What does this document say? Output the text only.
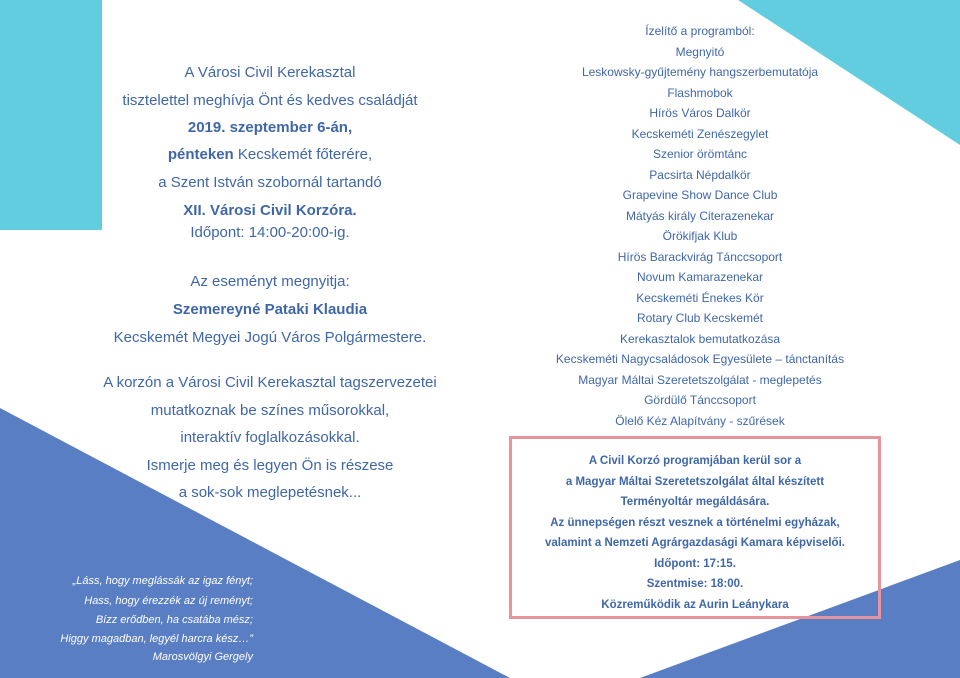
A Városi Civil Kerekasztal
tisztelettel meghívja Önt és kedves családját
2019. szeptember 6-án,
pénteken Kecskemét főterére,
a Szent István szobornál tartandó
XII. Városi Civil Korzóra.
Időpont: 14:00-20:00-ig.
Az eseményt megnyitja:
Szemereyné Pataki Klaudia
Kecskemét Megyei Jogú Város Polgármestere.
A korzón a Városi Civil Kerekasztal tagszervezetei
mutatkoznak be színes műsorokkal,
interaktív foglalkozásokkal.
Ismerje meg és legyen Ön is részese
a sok-sok meglepetésnek...
„Láss, hogy meglássák az igaz fényt;
Hass, hogy érezzék az új reményt;
Bízz erődben, ha csatába mész;
Higgy magadban, legyél harcra kész…”
Marosvölgyi Gergely
Ízelítő a programból:
Megnyitó
Leskowsky-gyűjtemény hangszerbemutatója
Flashmobok
Hírös Város Dalkör
Kecskeméti Zenészegylet
Szenior örömtánc
Pacsirta Népdalkör
Grapevine Show Dance Club
Mátyás király Citerazenekar
Örökifjak Klub
Hírös Barackvirág Tánccsoport
Novum Kamarazenekar
Kecskeméti Énekes Kör
Rotary Club Kecskemét
Kerekasztalok bemutatkozása
Kecskeméti Nagycsaládosok Egyesülete – tánctanítás
Magyar Máltai Szeretetszolgálat - meglepetés
Gördülő Tánccsoport
Ölelő Kéz Alapítvány - szűrések
A Civil Korzó programjában kerül sor a
a Magyar Máltai Szeretetszolgálat által készített
Terményoltár megáldására.
Az ünnepségen részt vesznek a történelmi egyházak,
valamint a Nemzeti Agrárgazdasági Kamara képviselői.
Időpont: 17:15.
Szentmise: 18:00.
Közreműködik az Aurin Leánykara
